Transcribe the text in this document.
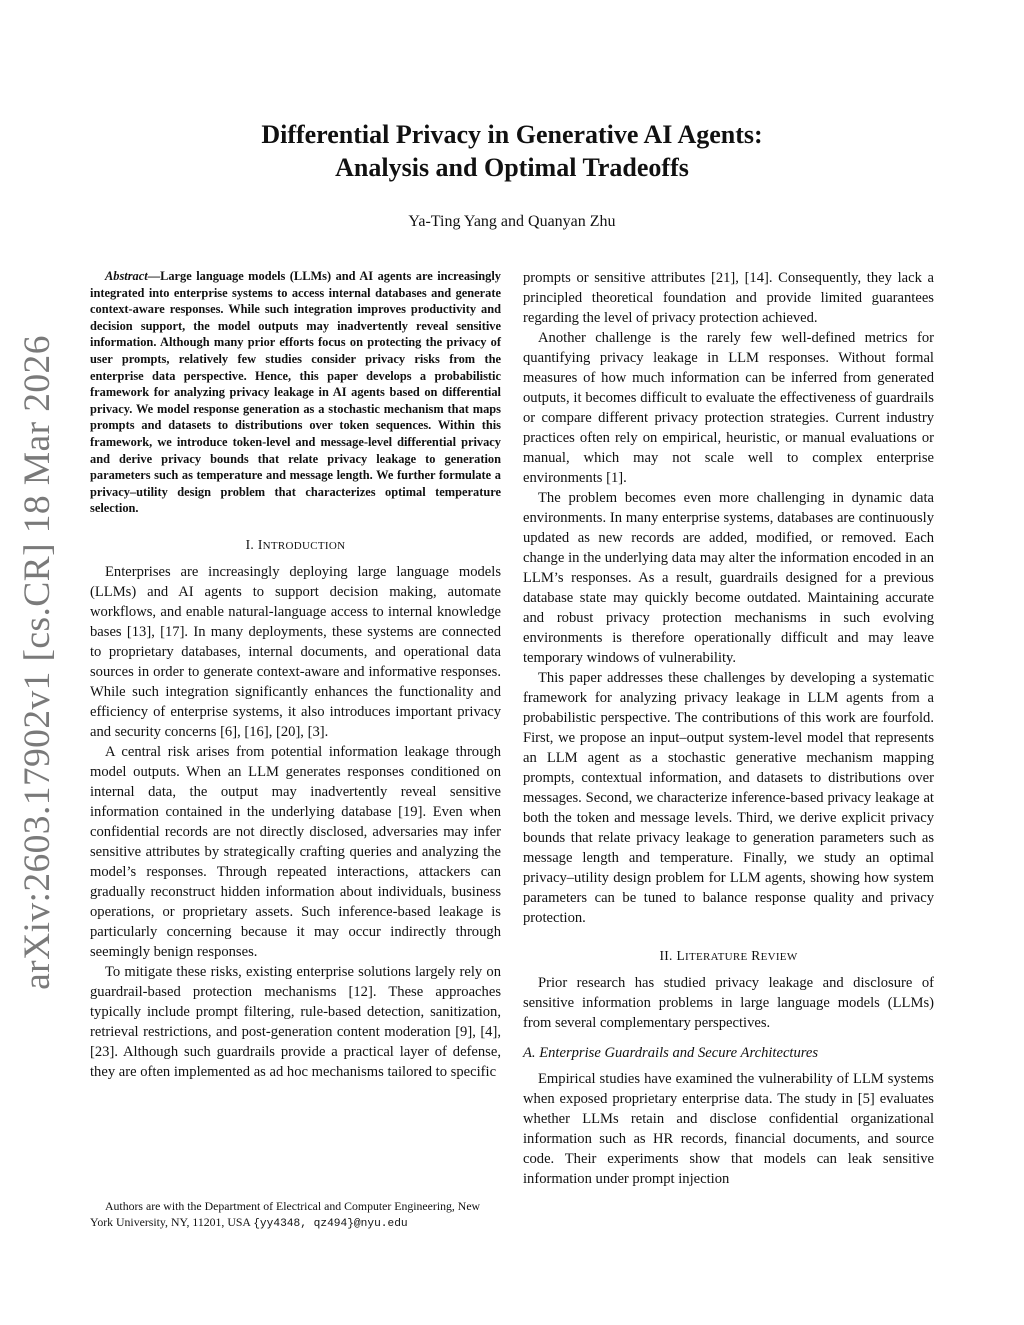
arXiv:2603.17902v1 [cs.CR] 18 Mar 2026
Differential Privacy in Generative AI Agents:
Analysis and Optimal Tradeoffs
Ya-Ting Yang and Quanyan Zhu

Abstract—Large language models (LLMs) and AI agents are increasingly integrated into enterprise systems to access internal databases and generate context-aware responses. While such integration improves productivity and decision support, the model outputs may inadvertently reveal sensitive information. Although many prior efforts focus on protecting the privacy of user prompts, relatively few studies consider privacy risks from the enterprise data perspective. Hence, this paper develops a probabilistic framework for analyzing privacy leakage in AI agents based on differential privacy. We model response generation as a stochastic mechanism that maps prompts and datasets to distributions over token sequences. Within this framework, we introduce token-level and message-level differential privacy and derive privacy bounds that relate privacy leakage to generation parameters such as temperature and message length. We further formulate a privacy–utility design problem that characterizes optimal temperature selection.

I. INTRODUCTION

Enterprises are increasingly deploying large language models (LLMs) and AI agents to support decision making, automate workflows, and enable natural-language access to internal knowledge bases [13], [17]. In many deployments, these systems are connected to proprietary databases, internal documents, and operational data sources in order to generate context-aware and informative responses. While such integration significantly enhances the functionality and efficiency of enterprise systems, it also introduces important privacy and security concerns [6], [16], [20], [3].

A central risk arises from potential information leakage through model outputs. When an LLM generates responses conditioned on internal data, the output may inadvertently reveal sensitive information contained in the underlying database [19]. Even when confidential records are not directly disclosed, adversaries may infer sensitive attributes by strategically crafting queries and analyzing the model’s responses. Through repeated interactions, attackers can gradually reconstruct hidden information about individuals, business operations, or proprietary assets. Such inference-based leakage is particularly concerning because it may occur indirectly through seemingly benign responses.

To mitigate these risks, existing enterprise solutions largely rely on guardrail-based protection mechanisms [12]. These approaches typically include prompt filtering, rule-based detection, sanitization, retrieval restrictions, and post-generation content moderation [9], [4], [23]. Although such guardrails provide a practical layer of defense, they are often implemented as ad hoc mechanisms tailored to specific

Authors are with the Department of Electrical and Computer Engineering, New York University, NY, 11201, USA {yy4348, qz494}@nyu.edu

prompts or sensitive attributes [21], [14]. Consequently, they lack a principled theoretical foundation and provide limited guarantees regarding the level of privacy protection achieved.

Another challenge is the rarely few well-defined metrics for quantifying privacy leakage in LLM responses. Without formal measures of how much information can be inferred from generated outputs, it becomes difficult to evaluate the effectiveness of guardrails or compare different privacy protection strategies. Current industry practices often rely on empirical, heuristic, or manual evaluations or manual, which may not scale well to complex enterprise environments [1].

The problem becomes even more challenging in dynamic data environments. In many enterprise systems, databases are continuously updated as new records are added, modified, or removed. Each change in the underlying data may alter the information encoded in an LLM’s responses. As a result, guardrails designed for a previous database state may quickly become outdated. Maintaining accurate and robust privacy protection mechanisms in such evolving environments is therefore operationally difficult and may leave temporary windows of vulnerability.

This paper addresses these challenges by developing a systematic framework for analyzing privacy leakage in LLM agents from a probabilistic perspective. The contributions of this work are fourfold. First, we propose an input–output system-level model that represents an LLM agent as a stochastic generative mechanism mapping prompts, contextual information, and datasets to distributions over messages. Second, we characterize inference-based privacy leakage at both the token and message levels. Third, we derive explicit privacy bounds that relate privacy leakage to generation parameters such as message length and temperature. Finally, we study an optimal privacy–utility design problem for LLM agents, showing how system parameters can be tuned to balance response quality and privacy protection.

II. LITERATURE REVIEW

Prior research has studied privacy leakage and disclosure of sensitive information problems in large language models (LLMs) from several complementary perspectives.

A. Enterprise Guardrails and Secure Architectures

Empirical studies have examined the vulnerability of LLM systems when exposed proprietary enterprise data. The study in [5] evaluates whether LLMs retain and disclose confidential organizational information such as HR records, financial documents, and source code. Their experiments show that models can leak sensitive information under prompt injection
